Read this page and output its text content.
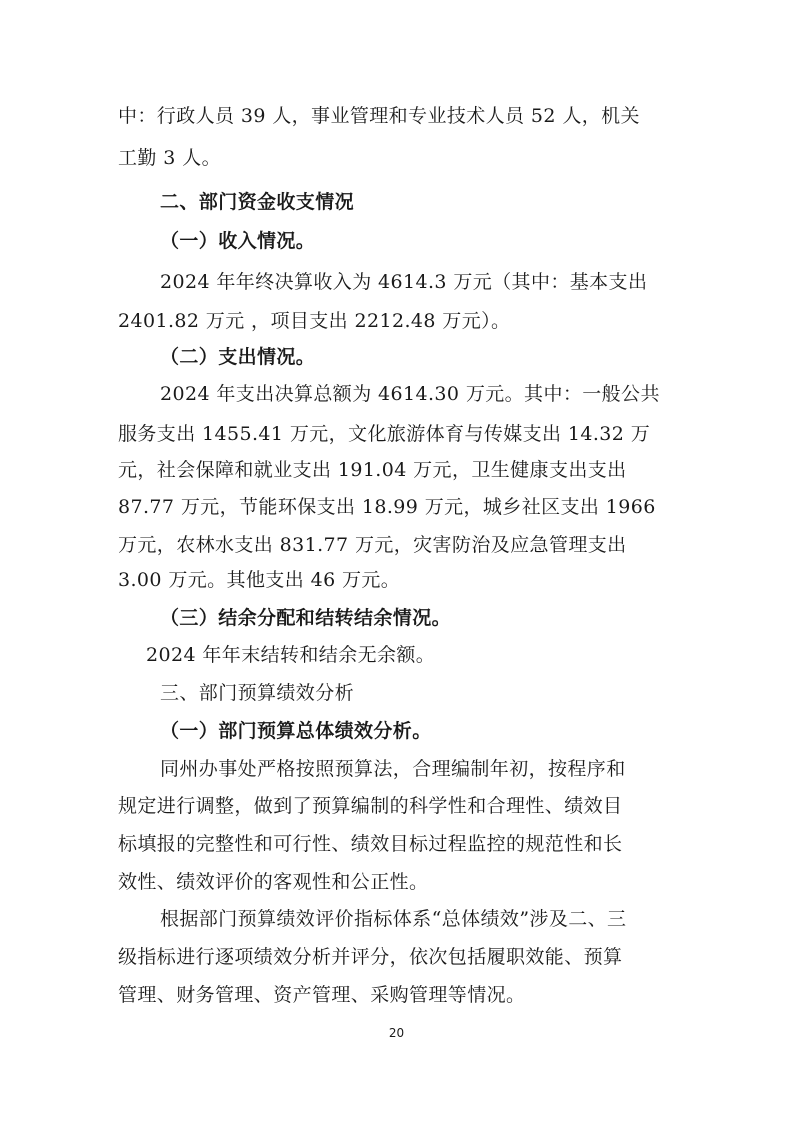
中：行政人员 39 人，事业管理和专业技术人员 52 人，机关
工勤 3 人。
二、部门资金收支情况
（一）收入情况。
2024 年年终决算收入为 4614.3 万元（其中：基本支出
2401.82 万元 ，项目支出 2212.48 万元）。
（二）支出情况。
2024 年支出决算总额为 4614.30 万元。其中：一般公共
服务支出 1455.41 万元，文化旅游体育与传媒支出 14.32 万
元，社会保障和就业支出 191.04 万元，卫生健康支出支出
87.77 万元，节能环保支出 18.99 万元，城乡社区支出 1966
万元，农林水支出 831.77 万元，灾害防治及应急管理支出
3.00 万元。其他支出 46 万元。
（三）结余分配和结转结余情况。
2024 年年末结转和结余无余额。
三、部门预算绩效分析
（一）部门预算总体绩效分析。
同州办事处严格按照预算法，合理编制年初，按程序和
规定进行调整，做到了预算编制的科学性和合理性、绩效目
标填报的完整性和可行性、绩效目标过程监控的规范性和长
效性、绩效评价的客观性和公正性。
根据部门预算绩效评价指标体系“总体绩效”涉及二、三
级指标进行逐项绩效分析并评分，依次包括履职效能、预算
管理、财务管理、资产管理、采购管理等情况。
20
